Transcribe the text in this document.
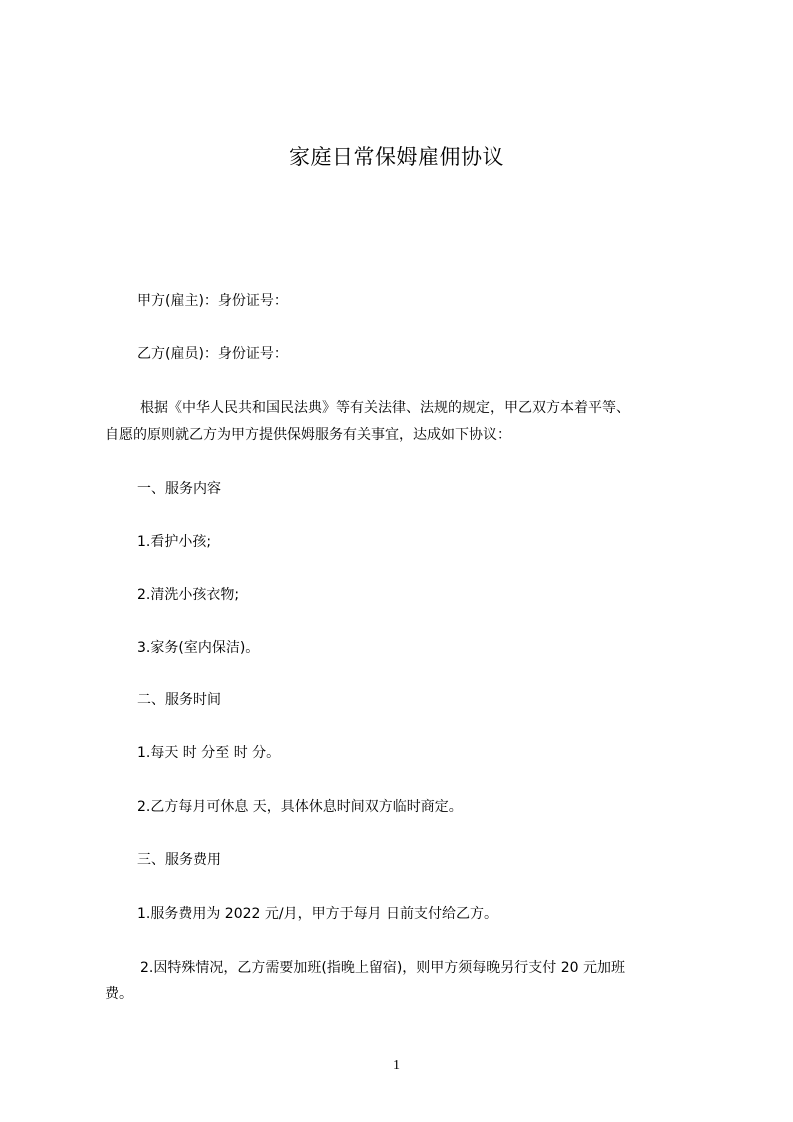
家庭日常保姆雇佣协议
甲方(雇主)：身份证号：
乙方(雇员)：身份证号：
根据《中华人民共和国民法典》等有关法律、法规的规定，甲乙双方本着平等、
自愿的原则就乙方为甲方提供保姆服务有关事宜，达成如下协议：
一、服务内容
1.看护小孩;
2.清洗小孩衣物;
3.家务(室内保洁)。
二、服务时间
1.每天 时 分至 时 分。
2.乙方每月可休息 天，具体休息时间双方临时商定。
三、服务费用
1.服务费用为 2022 元/月，甲方于每月 日前支付给乙方。
2.因特殊情况，乙方需要加班(指晚上留宿)，则甲方须每晚另行支付 20 元加班
费。
1
